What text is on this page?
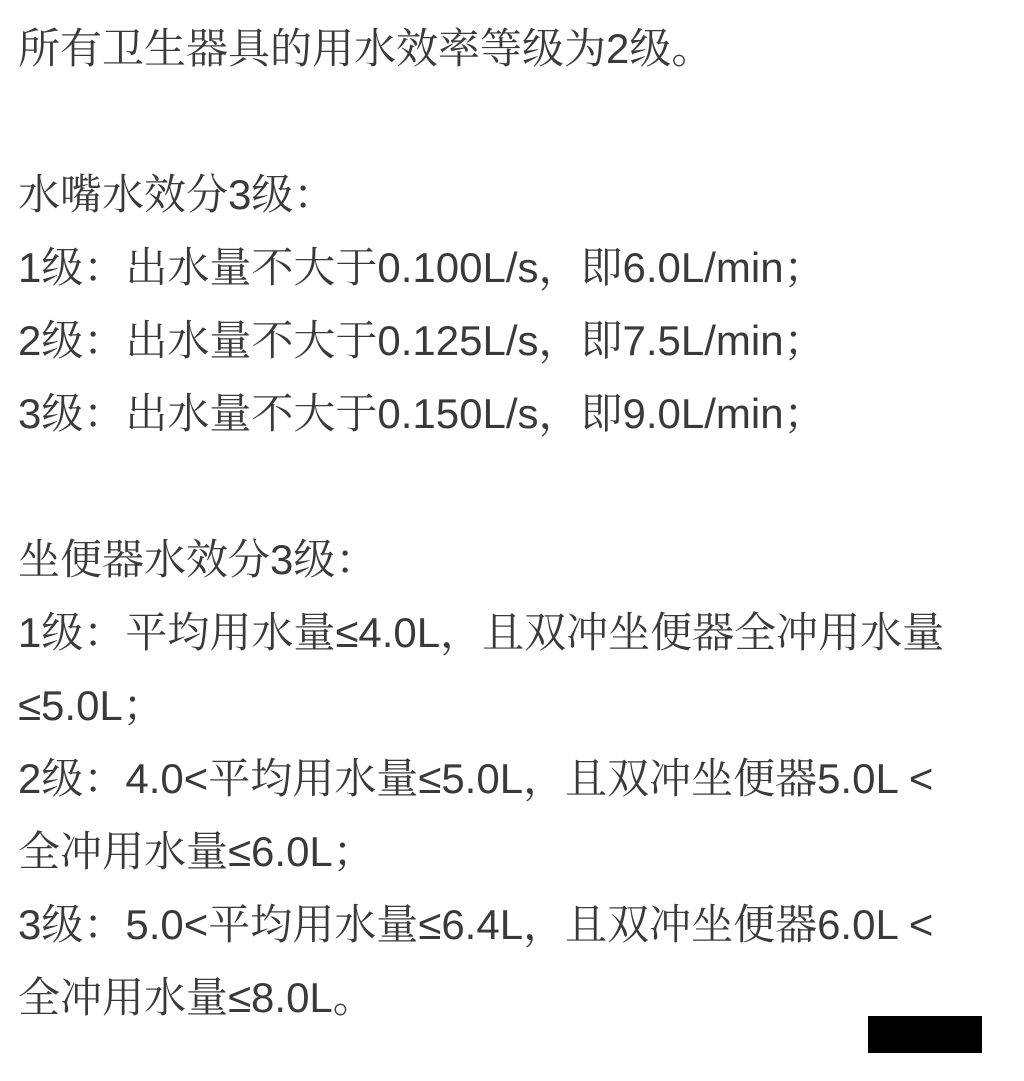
所有卫生器具的用水效率等级为2级。
水嘴水效分3级：
1级：出水量不大于0.100L/s，即6.0L/min；
2级：出水量不大于0.125L/s，即7.5L/min；
3级：出水量不大于0.150L/s，即9.0L/min；
坐便器水效分3级：
1级：平均用水量≤4.0L，且双冲坐便器全冲用水量
≤5.0L；
2级：4.0<平均用水量≤5.0L，且双冲坐便器5.0L <
全冲用水量≤6.0L；
3级：5.0<平均用水量≤6.4L，且双冲坐便器6.0L <
全冲用水量≤8.0L。
